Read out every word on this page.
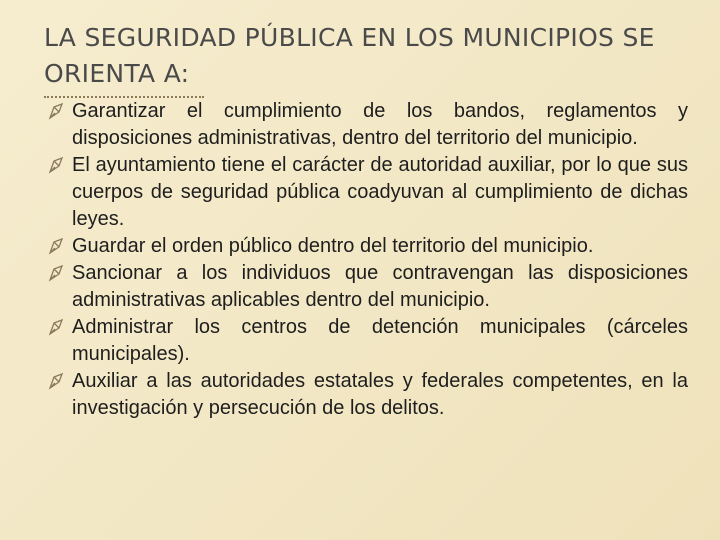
LA SEGURIDAD PÚBLICA EN LOS MUNICIPIOS SE ORIENTA A:
Garantizar el cumplimiento de los bandos, reglamentos y disposiciones administrativas, dentro del territorio del municipio.
El ayuntamiento tiene el carácter de autoridad auxiliar, por lo que sus cuerpos de seguridad pública coadyuvan al cumplimiento de dichas leyes.
Guardar el orden público dentro del territorio del municipio.
Sancionar a los individuos que contravengan las disposiciones administrativas aplicables dentro del municipio.
Administrar los centros de detención municipales (cárceles municipales).
Auxiliar a las autoridades estatales y federales competentes, en la investigación y persecución de los delitos.
